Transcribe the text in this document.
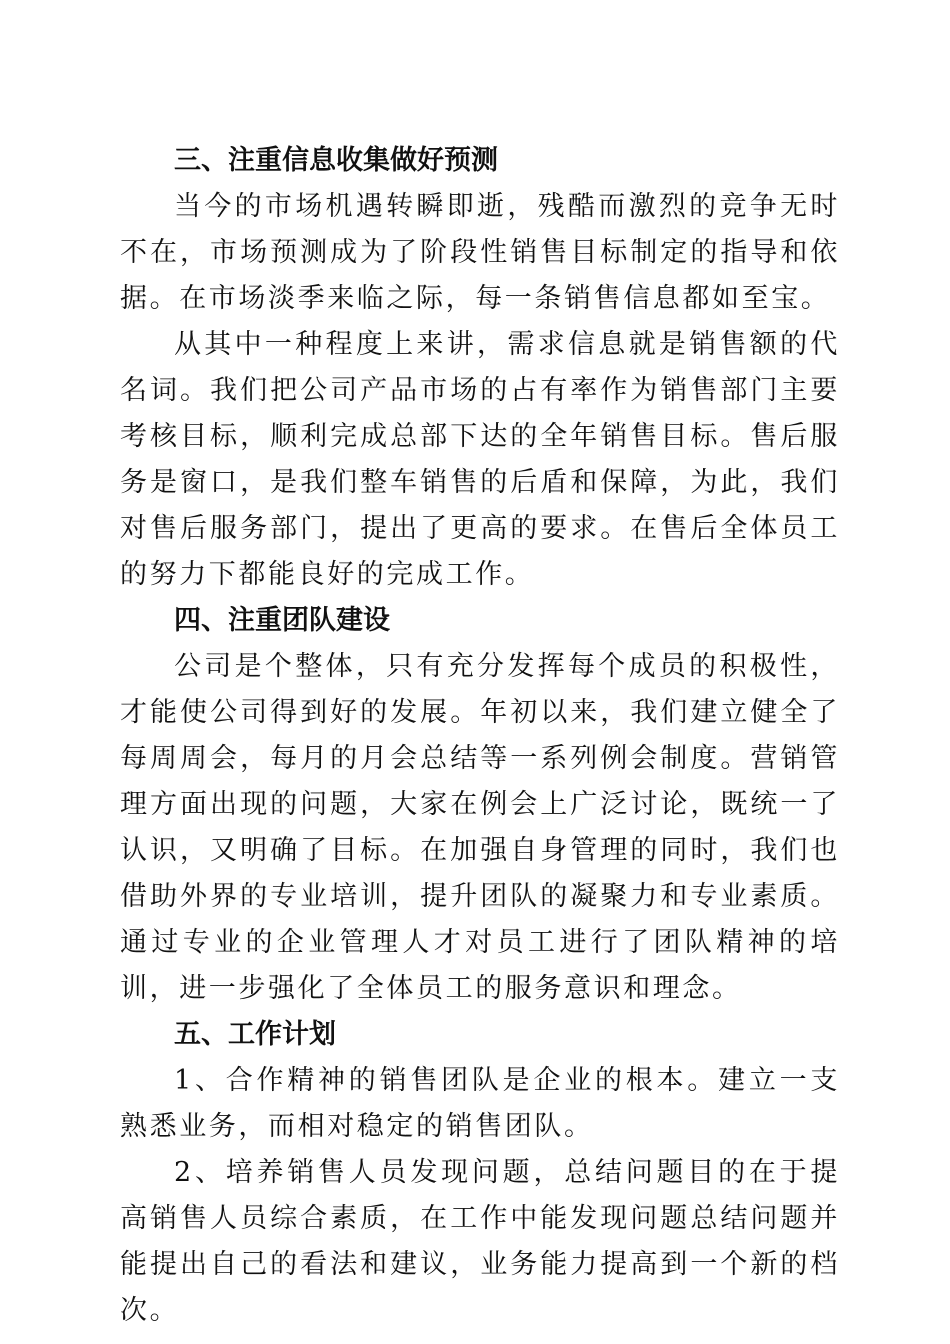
三、注重信息收集做好预测

当今的市场机遇转瞬即逝，残酷而激烈的竞争无时不在，市场预测成为了阶段性销售目标制定的指导和依据。在市场淡季来临之际，每一条销售信息都如至宝。

从其中一种程度上来讲，需求信息就是销售额的代名词。我们把公司产品市场的占有率作为销售部门主要考核目标，顺利完成总部下达的全年销售目标。售后服务是窗口，是我们整车销售的后盾和保障，为此，我们对售后服务部门，提出了更高的要求。在售后全体员工的努力下都能良好的完成工作。

四、注重团队建设

公司是个整体，只有充分发挥每个成员的积极性，才能使公司得到好的发展。年初以来，我们建立健全了每周周会，每月的月会总结等一系列例会制度。营销管理方面出现的问题，大家在例会上广泛讨论，既统一了认识，又明确了目标。在加强自身管理的同时，我们也借助外界的专业培训，提升团队的凝聚力和专业素质。通过专业的企业管理人才对员工进行了团队精神的培训，进一步强化了全体员工的服务意识和理念。

五、工作计划

1、合作精神的销售团队是企业的根本。建立一支熟悉业务，而相对稳定的销售团队。

2、培养销售人员发现问题，总结问题目的在于提高销售人员综合素质，在工作中能发现问题总结问题并能提出自己的看法和建议，业务能力提高到一个新的档次。
